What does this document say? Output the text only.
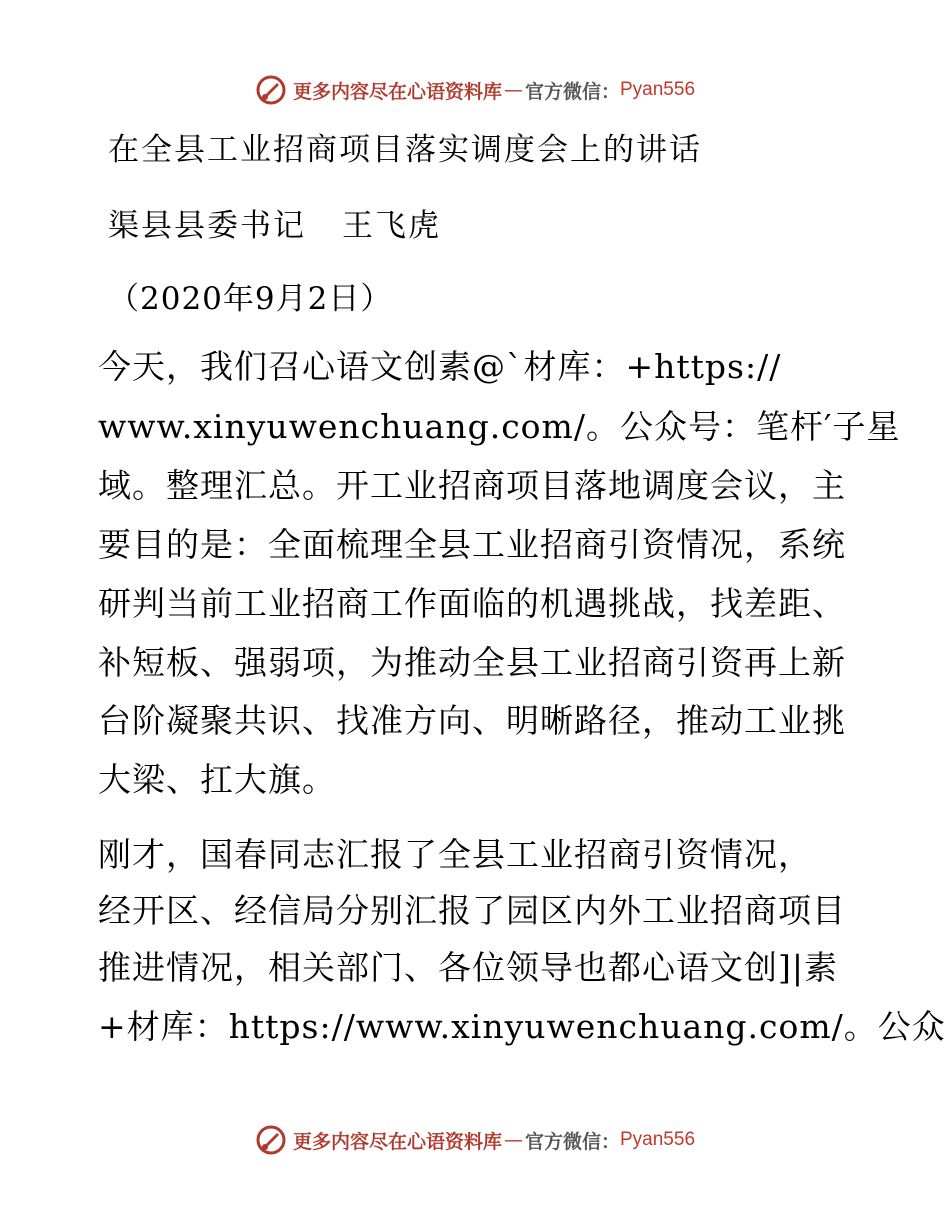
更多内容尽在心语资料库 — 官方微信： Pyan556
在全县工业招商项目落实调度会上的讲话
渠县县委书记 王飞虎
（2020年9月2日）
今天，我们召心语文创素@`材库：+https://
www.xinyuwenchuang.com/。公众号：笔杆′子星
域。整理汇总。开工业招商项目落地调度会议，主
要目的是：全面梳理全县工业招商引资情况，系统
研判当前工业招商工作面临的机遇挑战，找差距、
补短板、强弱项，为推动全县工业招商引资再上新
台阶凝聚共识、找准方向、明晰路径，推动工业挑
大梁、扛大旗。
刚才，国春同志汇报了全县工业招商引资情况，
经开区、经信局分别汇报了园区内外工业招商项目
推进情况，相关部门、各位领导也都心语文创]|素
+材库：https://www.xinyuwenchuang.com/。公众
更多内容尽在心语资料库 — 官方微信： Pyan556
